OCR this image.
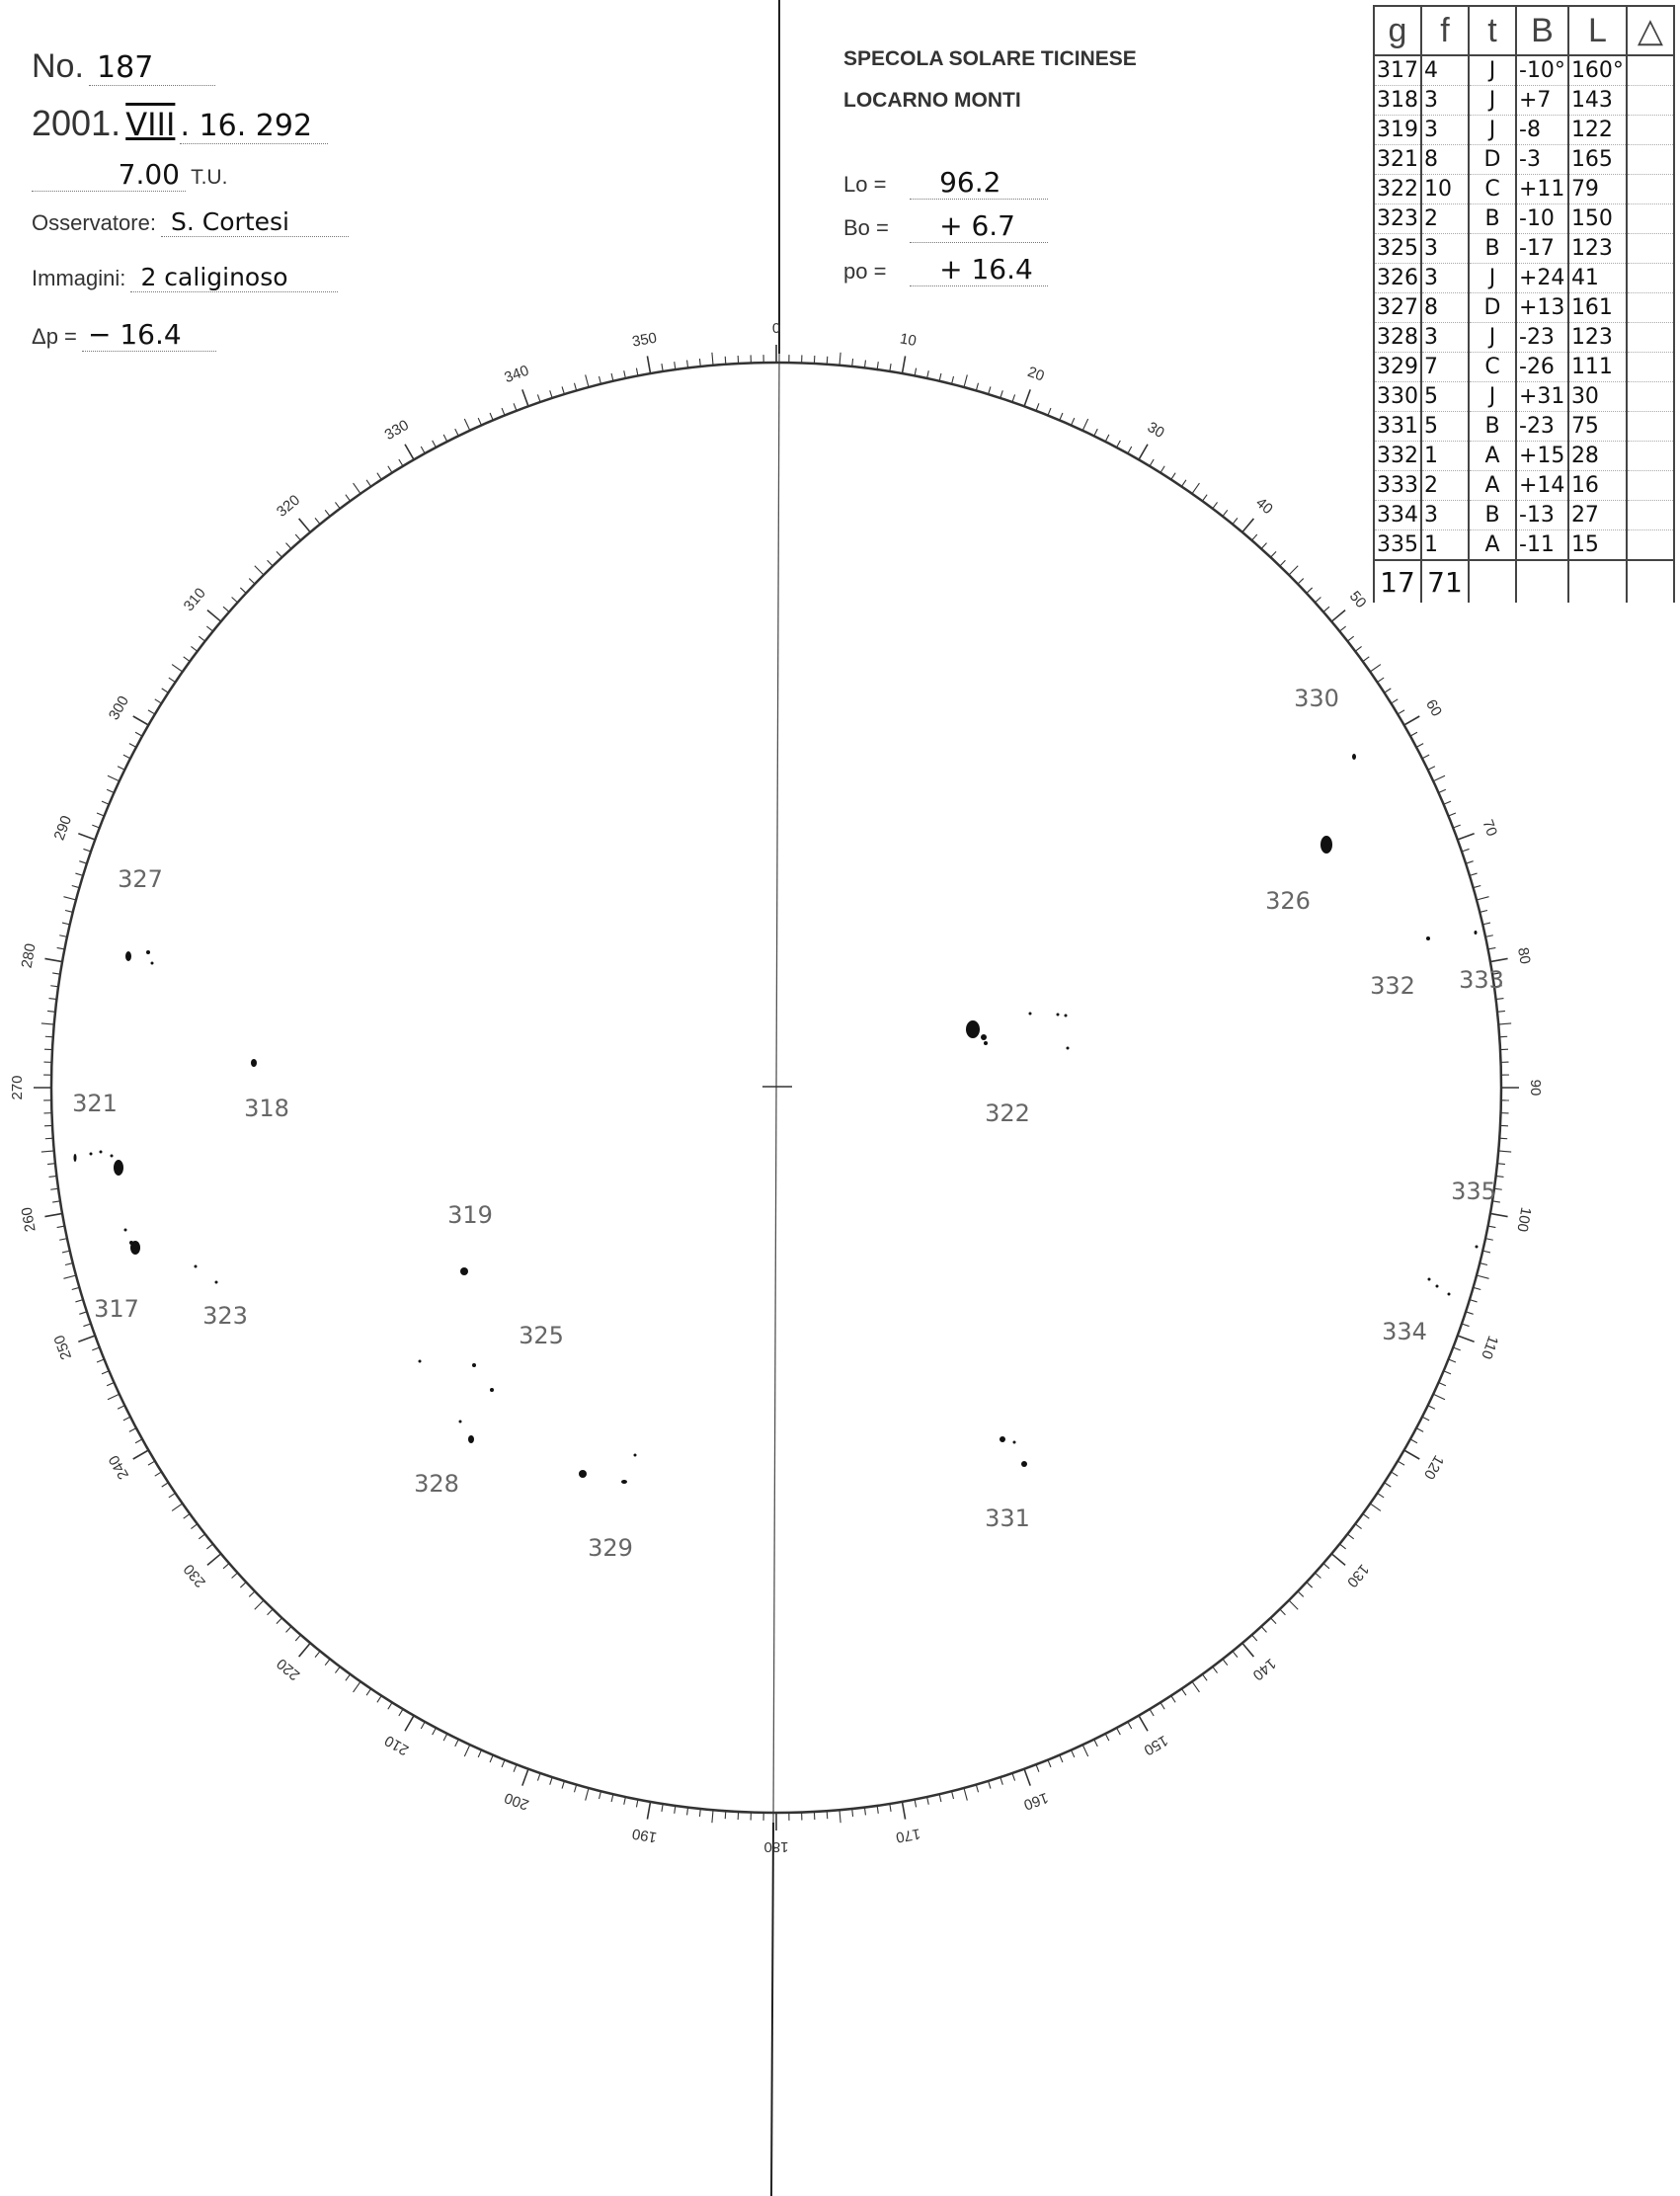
No. 187
2001. VIII . 16. 292
7.00 T.U.
Osservatore: S. Cortesi
Immagini: 2 caliginoso
Δp = − 16.4
SPECOLA SOLARE TICINESE
LOCARNO MONTI
Lo = 96.2
Bo = + 6.7
po = + 16.4
0
10
20
30
40
50
60
70
80
90
100
110
120
130
140
150
160
170
180
190
200
210
220
230
240
250
260
270
280
290
300
310
320
330
340
350
317
318
319
321	322
323
325
326
327
328
329
330
331
332 333
334
335
g	f	t	B	L	△
317	4	J	-10°	160°	
318	3	J	+7	143	
319	3	J	-8	122	
321	8	D	-3	165	
322	10	C	+11	79	
323	2	B	-10	150	
325	3	B	-17	123	
326	3	J	+24	41	
327	8	D	+13	161	
328	3	J	-23	123	
329	7	C	-26	111	
330	5	J	+31	30	
331	5	B	-23	75	
332	1	A	+15	28	
333	2	A	+14	16	
334	3	B	-13	27	
335	1	A	-11	15	
17	71				
